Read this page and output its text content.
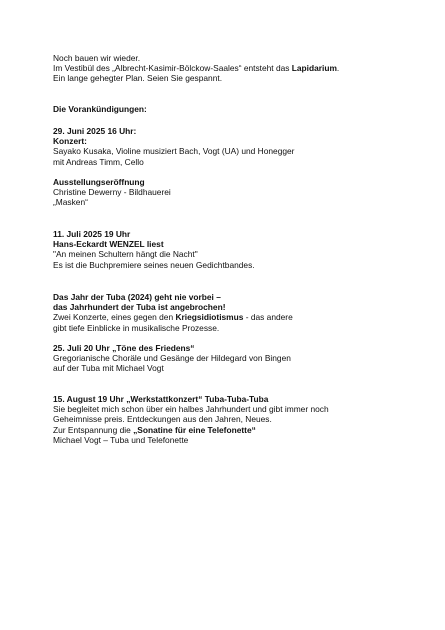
Noch bauen wir wieder.
Im Vestibül des „Albrecht-Kasimir-Bölckow-Saales“ entsteht das Lapidarium.
Ein lange gehegter Plan. Seien Sie gespannt.

Die Vorankündigungen:

29. Juni 2025 16 Uhr:
Konzert:
Sayako Kusaka, Violine musiziert Bach, Vogt (UA) und Honegger
mit Andreas Timm, Cello

Ausstellungseröffnung
Christine Dewerny - Bildhauerei
„Masken“

11. Juli 2025 19 Uhr
Hans-Eckardt WENZEL liest
"An meinen Schultern hängt die Nacht"
Es ist die Buchpremiere seines neuen Gedichtbandes.

Das Jahr der Tuba (2024) geht nie vorbei –
das Jahrhundert der Tuba ist angebrochen!
Zwei Konzerte, eines gegen den Kriegsidiotismus - das andere
gibt tiefe Einblicke in musikalische Prozesse.

25. Juli 20 Uhr „Töne des Friedens“
Gregorianische Choräle und Gesänge der Hildegard von Bingen
auf der Tuba mit Michael Vogt

15. August 19 Uhr „Werkstattkonzert“ Tuba-Tuba-Tuba
Sie begleitet mich schon über ein halbes Jahrhundert und gibt immer noch
Geheimnisse preis. Entdeckungen aus den Jahren, Neues.
Zur Entspannung die „Sonatine für eine Telefonette“
Michael Vogt – Tuba und Telefonette
